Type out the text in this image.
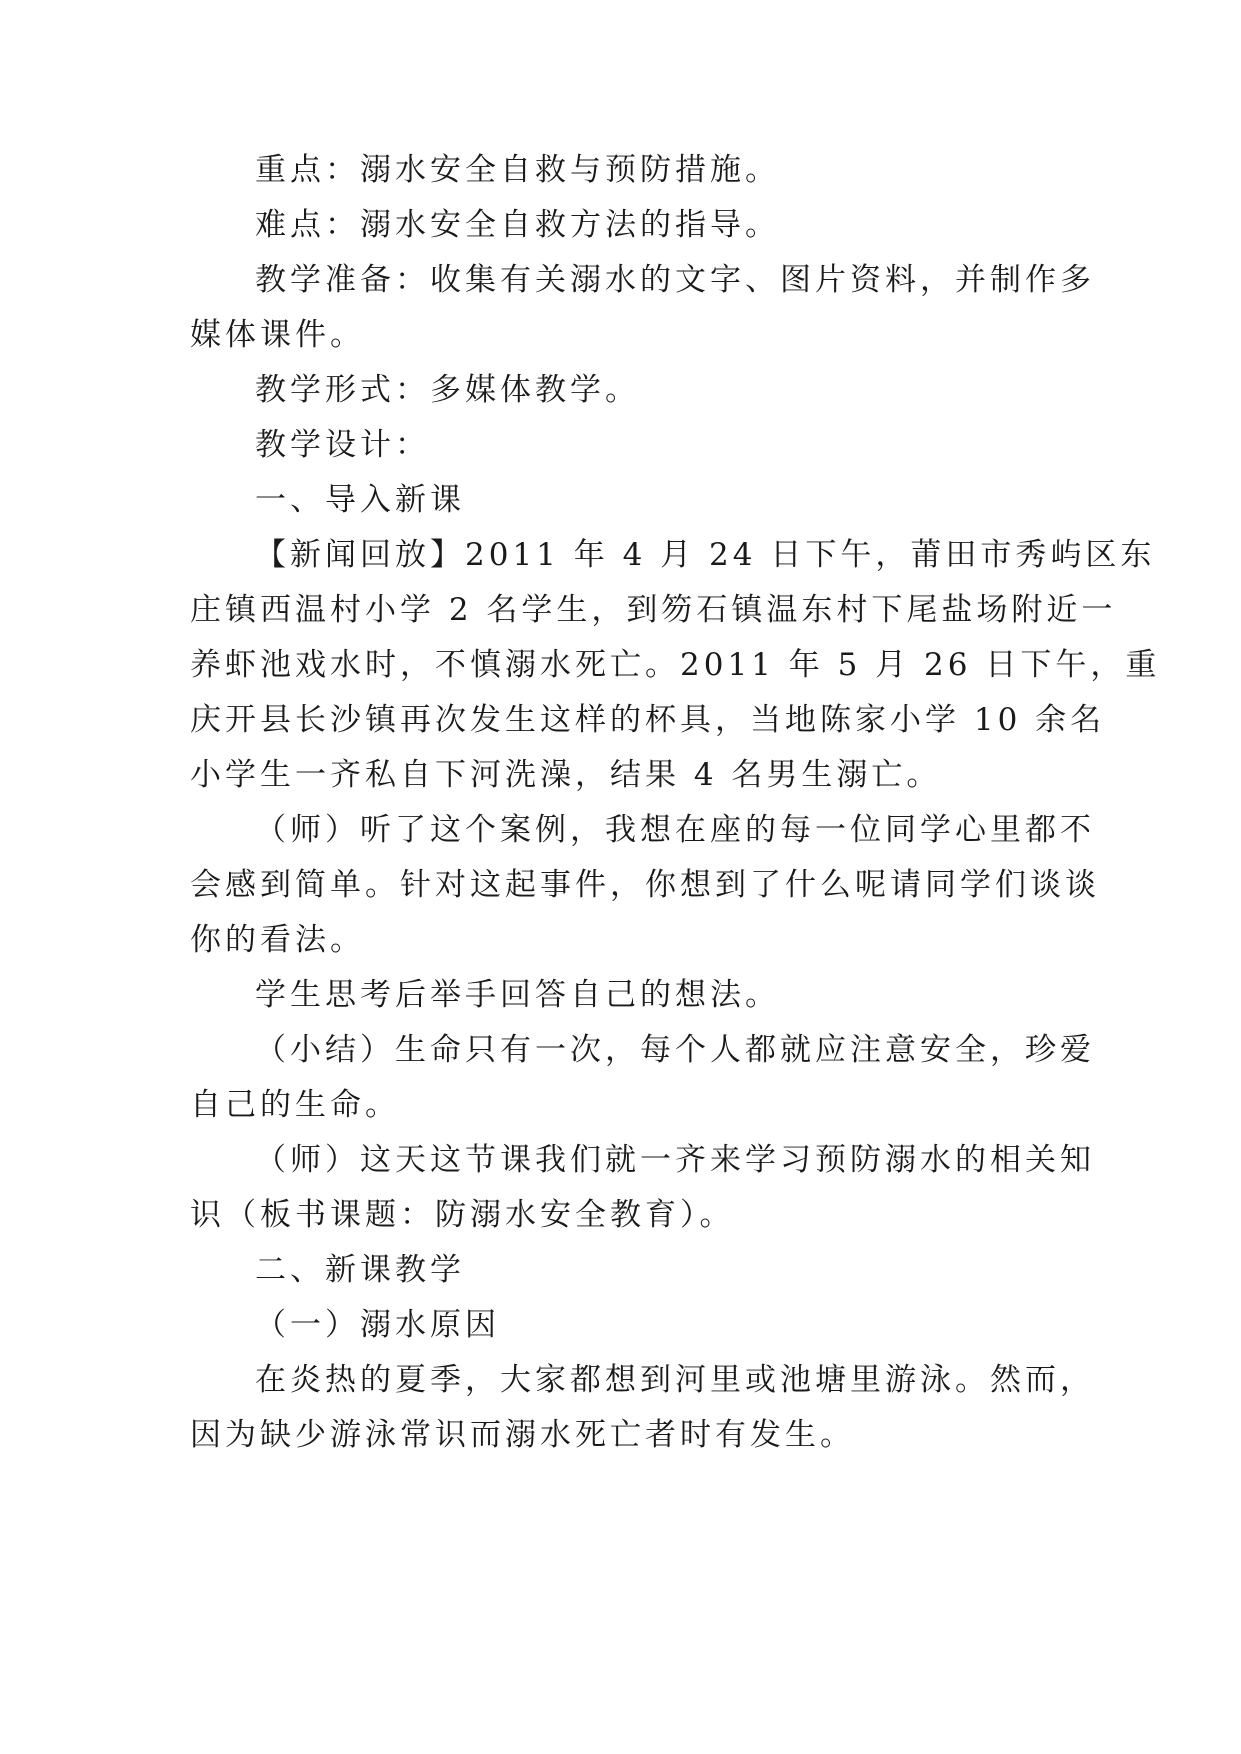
重点：溺水安全自救与预防措施。
难点：溺水安全自救方法的指导。
教学准备：收集有关溺水的文字、图片资料，并制作多
媒体课件。
教学形式：多媒体教学。
教学设计：
一、导入新课
【新闻回放】2011 年 4 月 24 日下午，莆田市秀屿区东
庄镇西温村小学 2 名学生，到笏石镇温东村下尾盐场附近一
养虾池戏水时，不慎溺水死亡。2011 年 5 月 26 日下午，重
庆开县长沙镇再次发生这样的杯具，当地陈家小学 10 余名
小学生一齐私自下河洗澡，结果 4 名男生溺亡。
（师）听了这个案例，我想在座的每一位同学心里都不
会感到简单。针对这起事件，你想到了什么呢请同学们谈谈
你的看法。
学生思考后举手回答自己的想法。
（小结）生命只有一次，每个人都就应注意安全，珍爱
自己的生命。
（师）这天这节课我们就一齐来学习预防溺水的相关知
识（板书课题：防溺水安全教育）。
二、新课教学
（一）溺水原因
在炎热的夏季，大家都想到河里或池塘里游泳。然而，
因为缺少游泳常识而溺水死亡者时有发生。
